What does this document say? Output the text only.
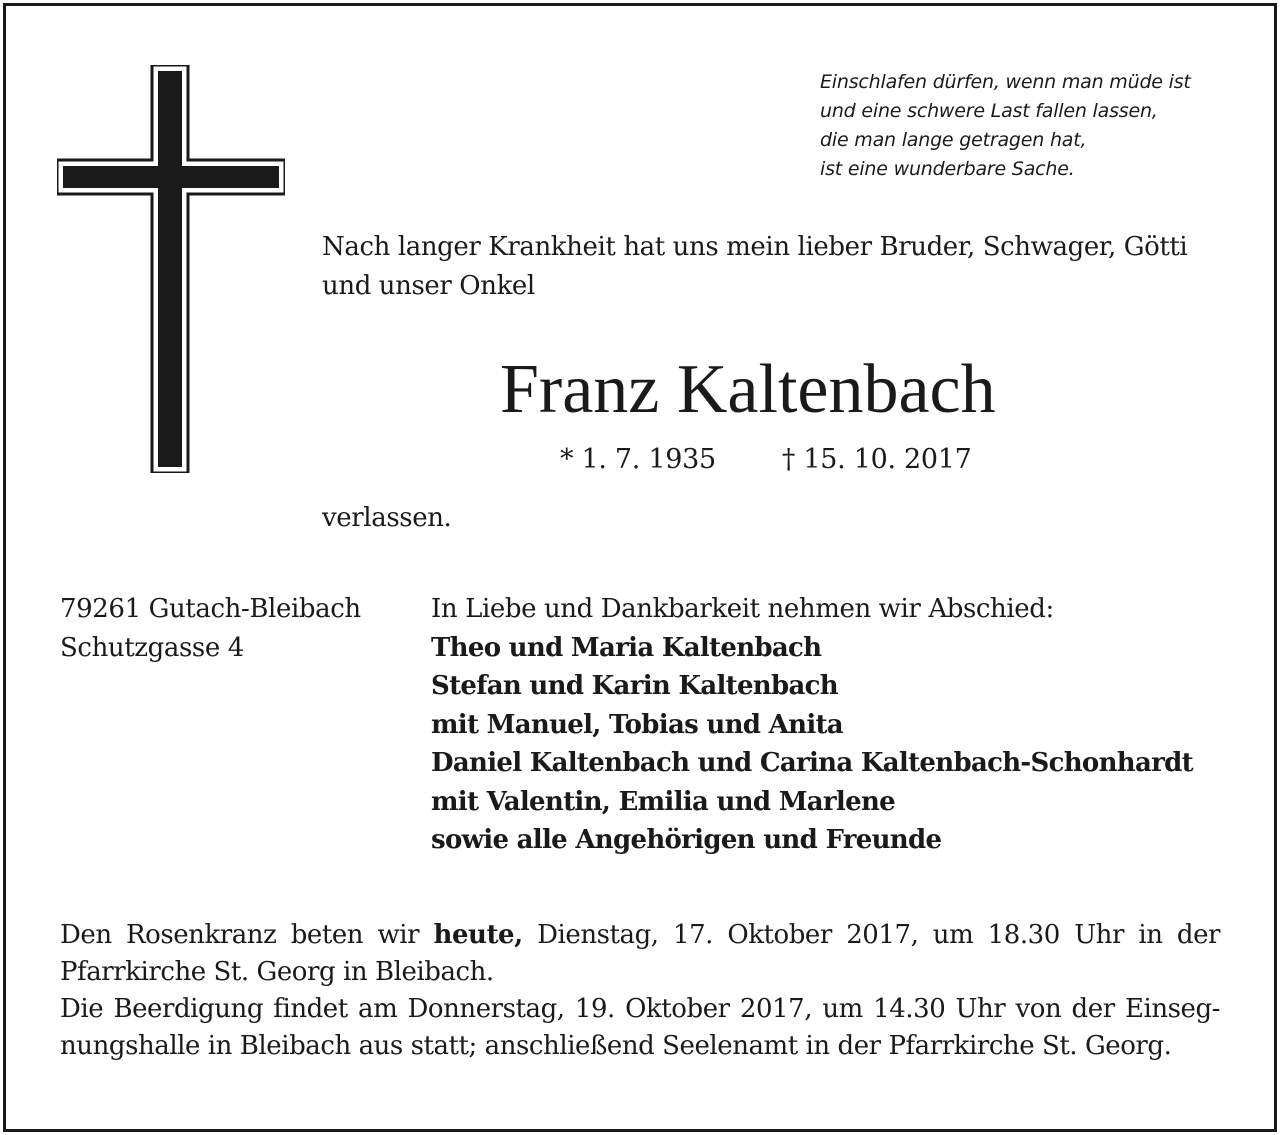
Einschlafen dürfen, wenn man müde ist
und eine schwere Last fallen lassen,
die man lange getragen hat,
ist eine wunderbare Sache.
Nach langer Krankheit hat uns mein lieber Bruder, Schwager, Götti
und unser Onkel
Franz Kaltenbach
* 1. 7. 1935 † 15. 10. 2017
verlassen.
79261 Gutach-Bleibach
Schutzgasse 4
In Liebe und Dankbarkeit nehmen wir Abschied:
Theo und Maria Kaltenbach
Stefan und Karin Kaltenbach
mit Manuel, Tobias und Anita
Daniel Kaltenbach und Carina Kaltenbach-Schonhardt
mit Valentin, Emilia und Marlene
sowie alle Angehörigen und Freunde
Den Rosenkranz beten wir heute, Dienstag, 17. Oktober 2017, um 18.30 Uhr in der
Pfarrkirche St. Georg in Bleibach.
Die Beerdigung findet am Donnerstag, 19. Oktober 2017, um 14.30 Uhr von der Einseg-
nungshalle in Bleibach aus statt; anschließend Seelenamt in der Pfarrkirche St. Georg.
